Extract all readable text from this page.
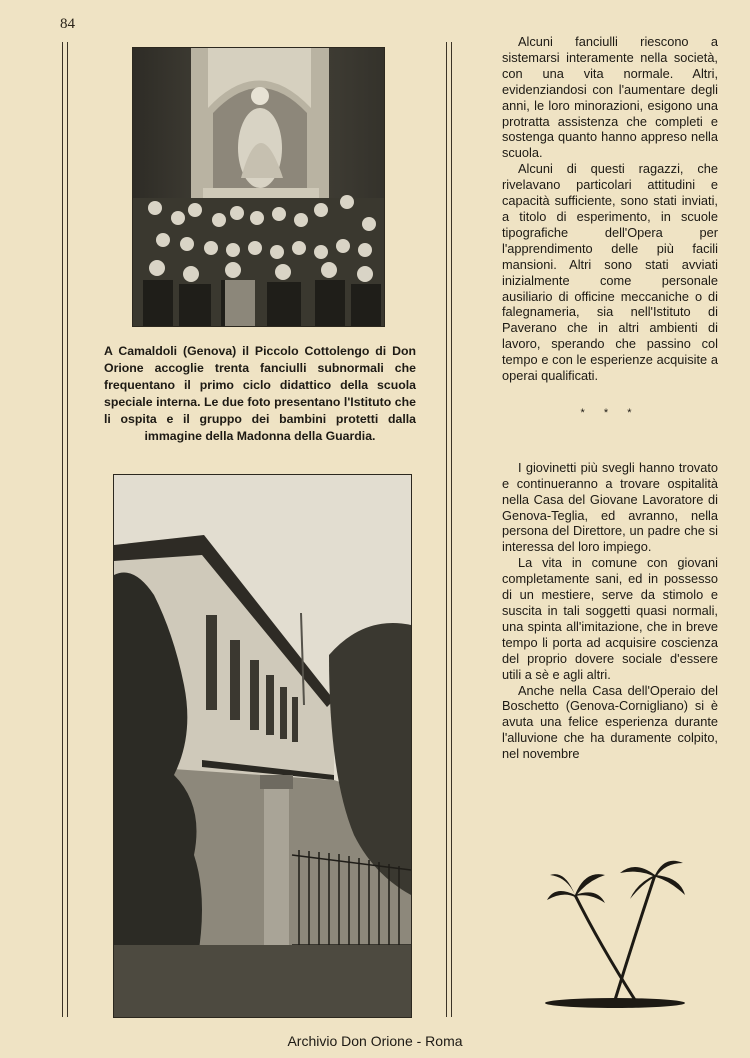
84

A Camaldoli (Genova) il Piccolo Cottolengo di Don Orione accoglie trenta fanciulli subnormali che frequentano il primo ciclo didattico della scuola speciale interna. Le due foto presentano l'Istituto che li ospita e il gruppo dei bambini protetti dalla immagine della Madonna della Guardia.

Alcuni fanciulli riescono a sistemarsi interamente nella società, con una vita normale. Altri, evidenziandosi con l'aumentare degli anni, le loro minorazioni, esigono una protratta assistenza che completi e sostenga quanto hanno appreso nella scuola.

Alcuni di questi ragazzi, che rivelavano particolari attitudini e capacità sufficiente, sono stati inviati, a titolo di esperimento, in scuole tipografiche dell'Opera per l'apprendimento delle più facili mansioni. Altri sono stati avviati inizialmente come personale ausiliario di officine meccaniche o di falegnameria, sia nell'Istituto di Paverano che in altri ambienti di lavoro, sperando che passino col tempo e con le esperienze acquisite a operai qualificati.

* * *

I giovinetti più svegli hanno trovato e continueranno a trovare ospitalità nella Casa del Giovane Lavoratore di Genova-Teglia, ed avranno, nella persona del Direttore, un padre che si interessa del loro impiego.

La vita in comune con giovani completamente sani, ed in possesso di un mestiere, serve da stimolo e suscita in tali soggetti quasi normali, una spinta all'imitazione, che in breve tempo li porta ad acquisire coscienza del proprio dovere sociale d'essere utili a sè e agli altri.

Anche nella Casa dell'Operaio del Boschetto (Genova-Cornigliano) si è avuta una felice esperienza durante l'alluvione che ha duramente colpito, nel novembre

Archivio Don Orione - Roma
